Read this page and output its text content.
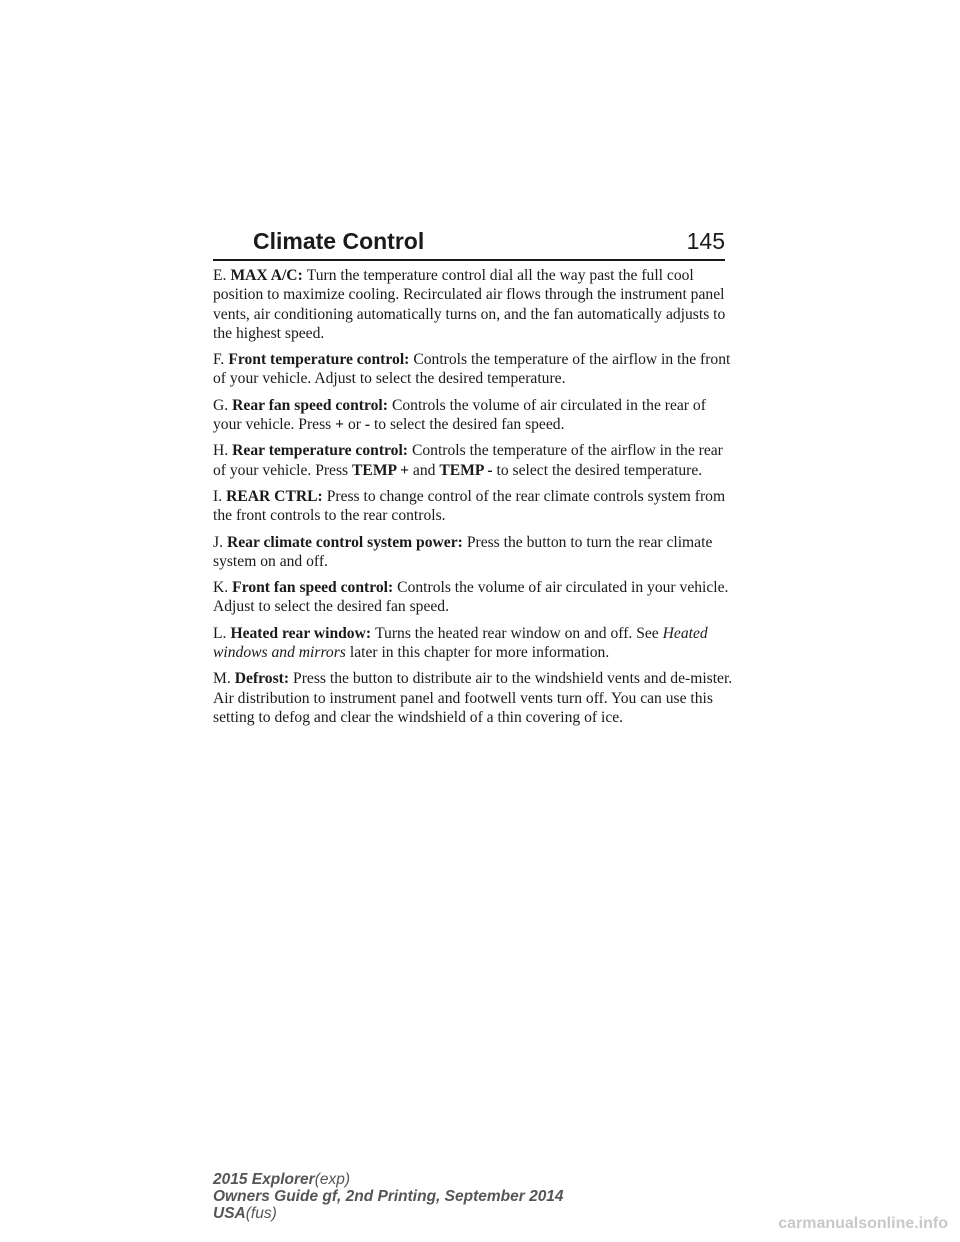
Climate Control	145

E. MAX A/C: Turn the temperature control dial all the way past the full cool position to maximize cooling. Recirculated air flows through the instrument panel vents, air conditioning automatically turns on, and the fan automatically adjusts to the highest speed.

F. Front temperature control: Controls the temperature of the airflow in the front of your vehicle. Adjust to select the desired temperature.

G. Rear fan speed control: Controls the volume of air circulated in the rear of your vehicle. Press + or - to select the desired fan speed.

H. Rear temperature control: Controls the temperature of the airflow in the rear of your vehicle. Press TEMP + and TEMP - to select the desired temperature.

I. REAR CTRL: Press to change control of the rear climate controls system from the front controls to the rear controls.

J. Rear climate control system power: Press the button to turn the rear climate system on and off.

K. Front fan speed control: Controls the volume of air circulated in your vehicle. Adjust to select the desired fan speed.

L. Heated rear window: Turns the heated rear window on and off. See Heated windows and mirrors later in this chapter for more information.

M. Defrost: Press the button to distribute air to the windshield vents and de-mister. Air distribution to instrument panel and footwell vents turn off. You can use this setting to defog and clear the windshield of a thin covering of ice.

2015 Explorer(exp)
Owners Guide gf, 2nd Printing, September 2014
USA(fus)
carmanualsonline.info
